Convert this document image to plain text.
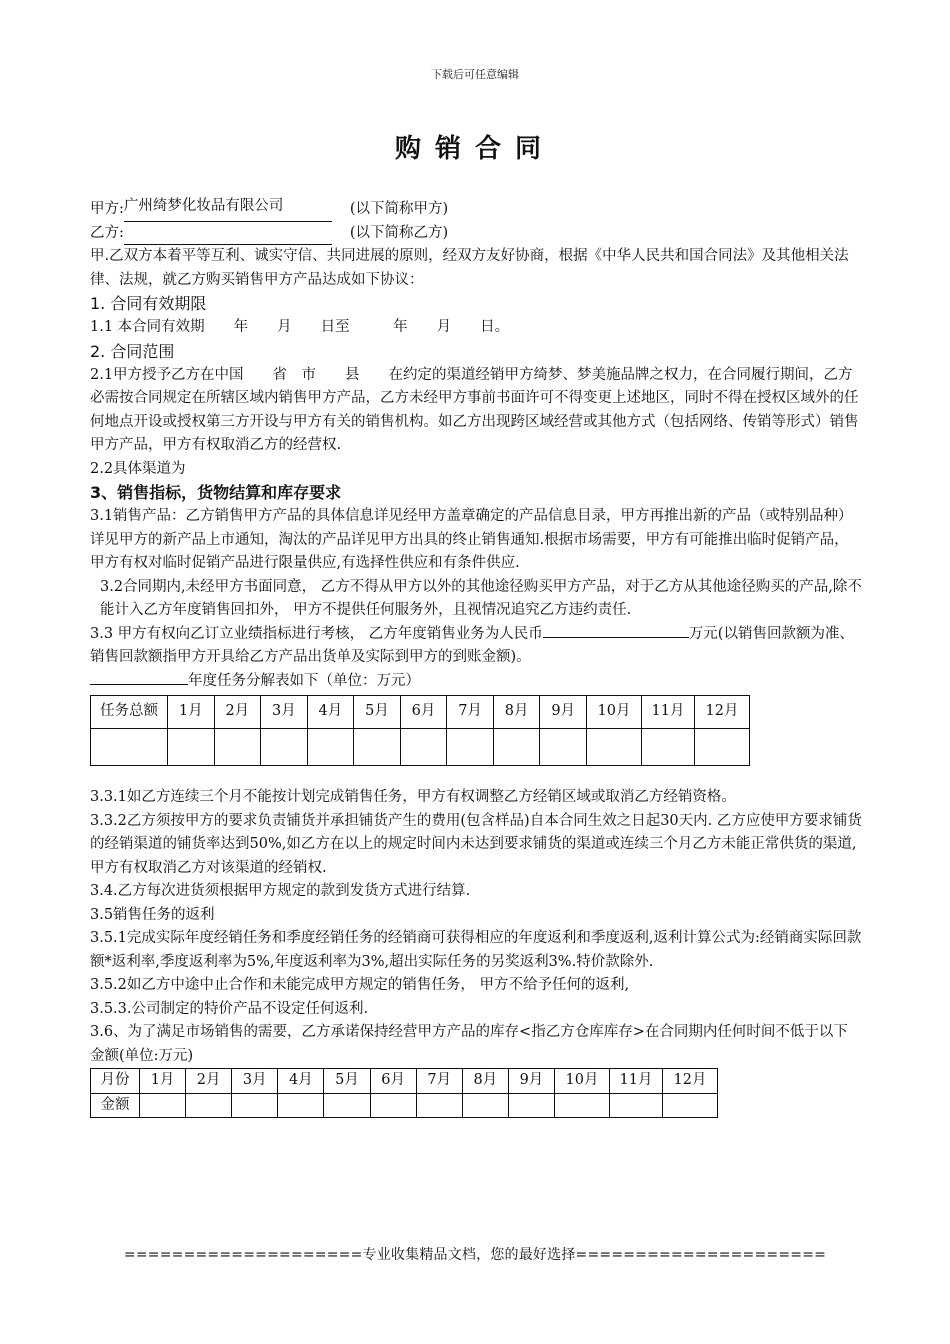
下载后可任意编辑
购销合同
甲方: 广州绮梦化妆品有限公司	(以下简称甲方)
乙方:	(以下简称乙方)

甲.乙双方本着平等互利、诚实守信、共同进展的原则，经双方友好协商，根据《中华人民共和国合同法》及其他相关法律、法规，就乙方购买销售甲方产品达成如下协议：

1. 合同有效期限

1.1 本合同有效期　　年　　月　　日至　　　年　　月　　日。

2. 合同范围

2.1甲方授予乙方在中国　　省　市　　县　　在约定的渠道经销甲方绮梦、梦美施品牌之权力，在合同履行期间，乙方必需按合同规定在所辖区域内销售甲方产品，乙方未经甲方事前书面许可不得变更上述地区，同时不得在授权区域外的任何地点开设或授权第三方开设与甲方有关的销售机构。如乙方出现跨区域经营或其他方式（包括网络、传销等形式）销售甲方产品，甲方有权取消乙方的经营权.

2.2具体渠道为

3、销售指标，货物结算和库存要求

3.1销售产品：乙方销售甲方产品的具体信息详见经甲方盖章确定的产品信息目录，甲方再推出新的产品（或特别品种）详见甲方的新产品上市通知，淘汰的产品详见甲方出具的终止销售通知.根据市场需要，甲方有可能推出临时促销产品， 甲方有权对临时促销产品进行限量供应,有选择性供应和有条件供应.

3.2合同期内,未经甲方书面同意， 乙方不得从甲方以外的其他途径购买甲方产品，对于乙方从其他途径购买的产品,除不能计入乙方年度销售回扣外， 甲方不提供任何服务外，且视情况追究乙方违约责任.

3.3 甲方有权向乙订立业绩指标进行考核， 乙方年度销售业务为人民币	万元(以销售回款额为准、销售回款额指甲方开具给乙方产品出货单及实际到甲方的到账金额)。

年度任务分解表如下（单位：万元）

任务总额	1月	2月	3月	4月	5月	6月	7月	8月	9月	10月	11月	12月

3.3.1如乙方连续三个月不能按计划完成销售任务，甲方有权调整乙方经销区域或取消乙方经销资格。

3.3.2乙方须按甲方的要求负责铺货并承担铺货产生的费用(包含样品)自本合同生效之日起30天内. 乙方应使甲方要求铺货的经销渠道的铺货率达到50%,如乙方在以上的规定时间内未达到要求铺货的渠道或连续三个月乙方未能正常供货的渠道,甲方有权取消乙方对该渠道的经销权.

3.4.乙方每次进货须根据甲方规定的款到发货方式进行结算.

3.5销售任务的返利

3.5.1完成实际年度经销任务和季度经销任务的经销商可获得相应的年度返利和季度返利,返利计算公式为:经销商实际回款额*返利率,季度返利率为5%,年度返利率为3%,超出实际任务的另奖返利3%.特价款除外.

3.5.2如乙方中途中止合作和未能完成甲方规定的销售任务， 甲方不给予任何的返利,

3.5.3.公司制定的特价产品不设定任何返利.

3.6、为了满足市场销售的需要，乙方承诺保持经营甲方产品的库存<指乙方仓库库存>在合同期内任何时间不低于以下金额(单位:万元)

月份	1月	2月	3月	4月	5月	6月	7月	8月	9月	10月	11月	12月
金额												
====================专业收集精品文档，您的最好选择=====================
